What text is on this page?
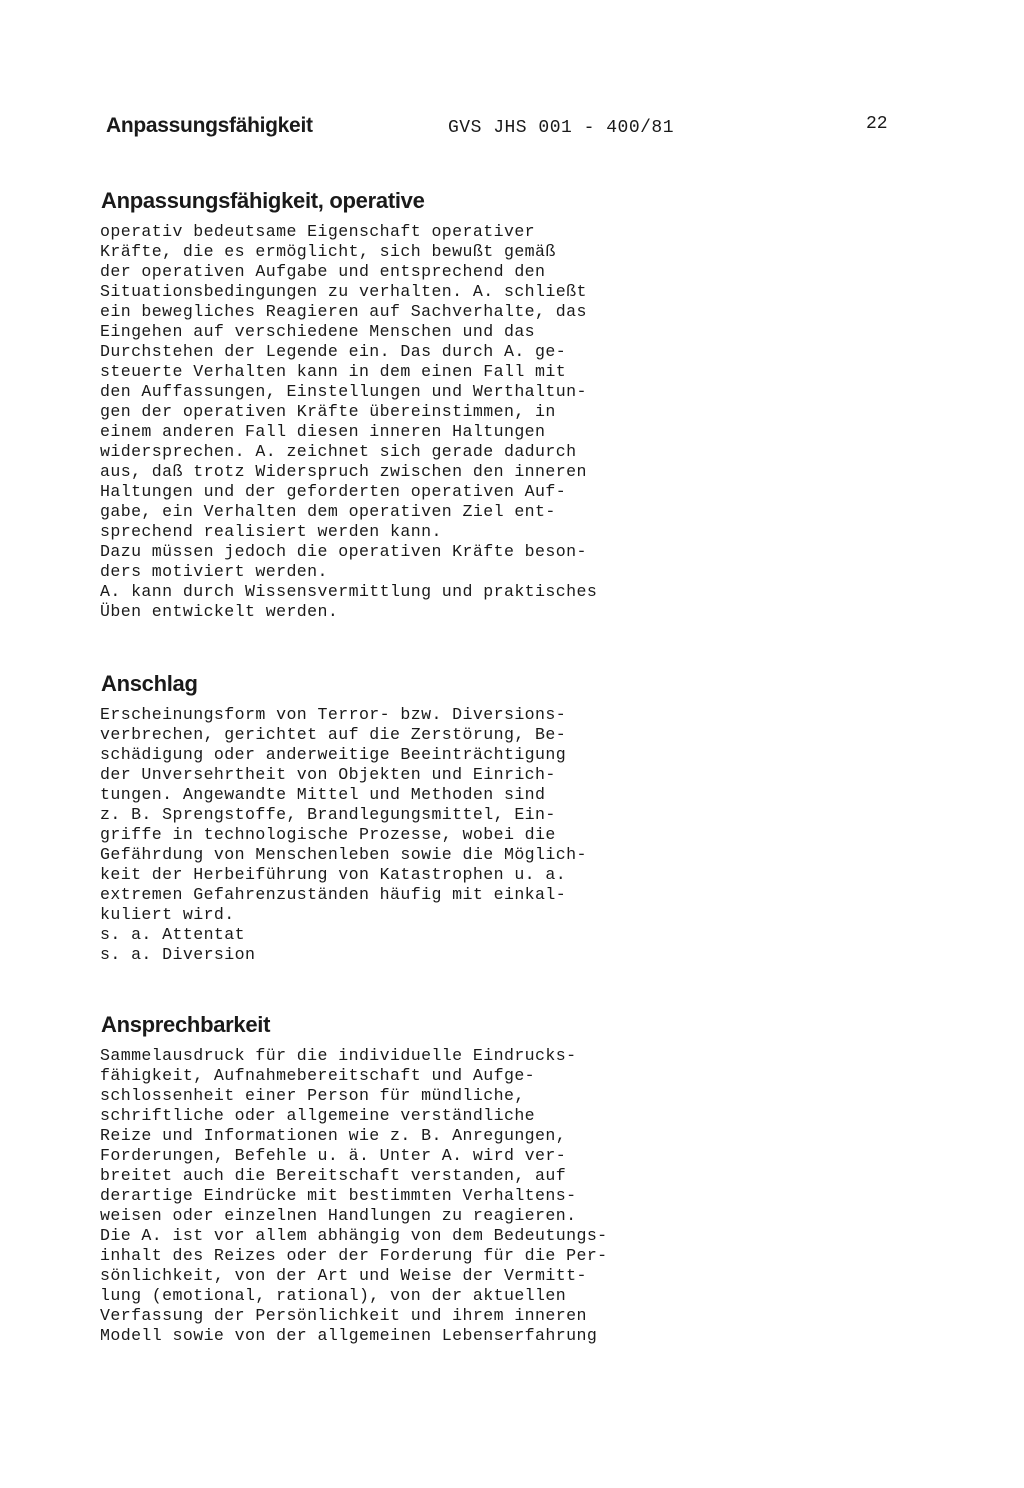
Anpassungsfähigkeit	GVS JHS 001 - 400/81	22
Anpassungsfähigkeit, operative
operativ bedeutsame Eigenschaft operativer
Kräfte, die es ermöglicht, sich bewußt gemäß
der operativen Aufgabe und entsprechend den
Situationsbedingungen zu verhalten. A. schließt
ein bewegliches Reagieren auf Sachverhalte, das
Eingehen auf verschiedene Menschen und das
Durchstehen der Legende ein. Das durch A. ge-
steuerte Verhalten kann in dem einen Fall mit
den Auffassungen, Einstellungen und Werthaltun-
gen der operativen Kräfte übereinstimmen, in
einem anderen Fall diesen inneren Haltungen
widersprechen. A. zeichnet sich gerade dadurch
aus, daß trotz Widerspruch zwischen den inneren
Haltungen und der geforderten operativen Auf-
gabe, ein Verhalten dem operativen Ziel ent-
sprechend realisiert werden kann.
Dazu müssen jedoch die operativen Kräfte beson-
ders motiviert werden.
A. kann durch Wissensvermittlung und praktisches
Üben entwickelt werden.
Anschlag
Erscheinungsform von Terror- bzw. Diversions-
verbrechen, gerichtet auf die Zerstörung, Be-
schädigung oder anderweitige Beeinträchtigung
der Unversehrtheit von Objekten und Einrich-
tungen. Angewandte Mittel und Methoden sind
z. B. Sprengstoffe, Brandlegungsmittel, Ein-
griffe in technologische Prozesse, wobei die
Gefährdung von Menschenleben sowie die Möglich-
keit der Herbeiführung von Katastrophen u. a.
extremen Gefahrenzuständen häufig mit einkal-
kuliert wird.
s. a. Attentat
s. a. Diversion
Ansprechbarkeit
Sammelausdruck für die individuelle Eindrucks-
fähigkeit, Aufnahmebereitschaft und Aufge-
schlossenheit einer Person für mündliche,
schriftliche oder allgemeine verständliche
Reize und Informationen wie z. B. Anregungen,
Forderungen, Befehle u. ä. Unter A. wird ver-
breitet auch die Bereitschaft verstanden, auf
derartige Eindrücke mit bestimmten Verhaltens-
weisen oder einzelnen Handlungen zu reagieren.
Die A. ist vor allem abhängig von dem Bedeutungs-
inhalt des Reizes oder der Forderung für die Per-
sönlichkeit, von der Art und Weise der Vermitt-
lung (emotional, rational), von der aktuellen
Verfassung der Persönlichkeit und ihrem inneren
Modell sowie von der allgemeinen Lebenserfahrung
